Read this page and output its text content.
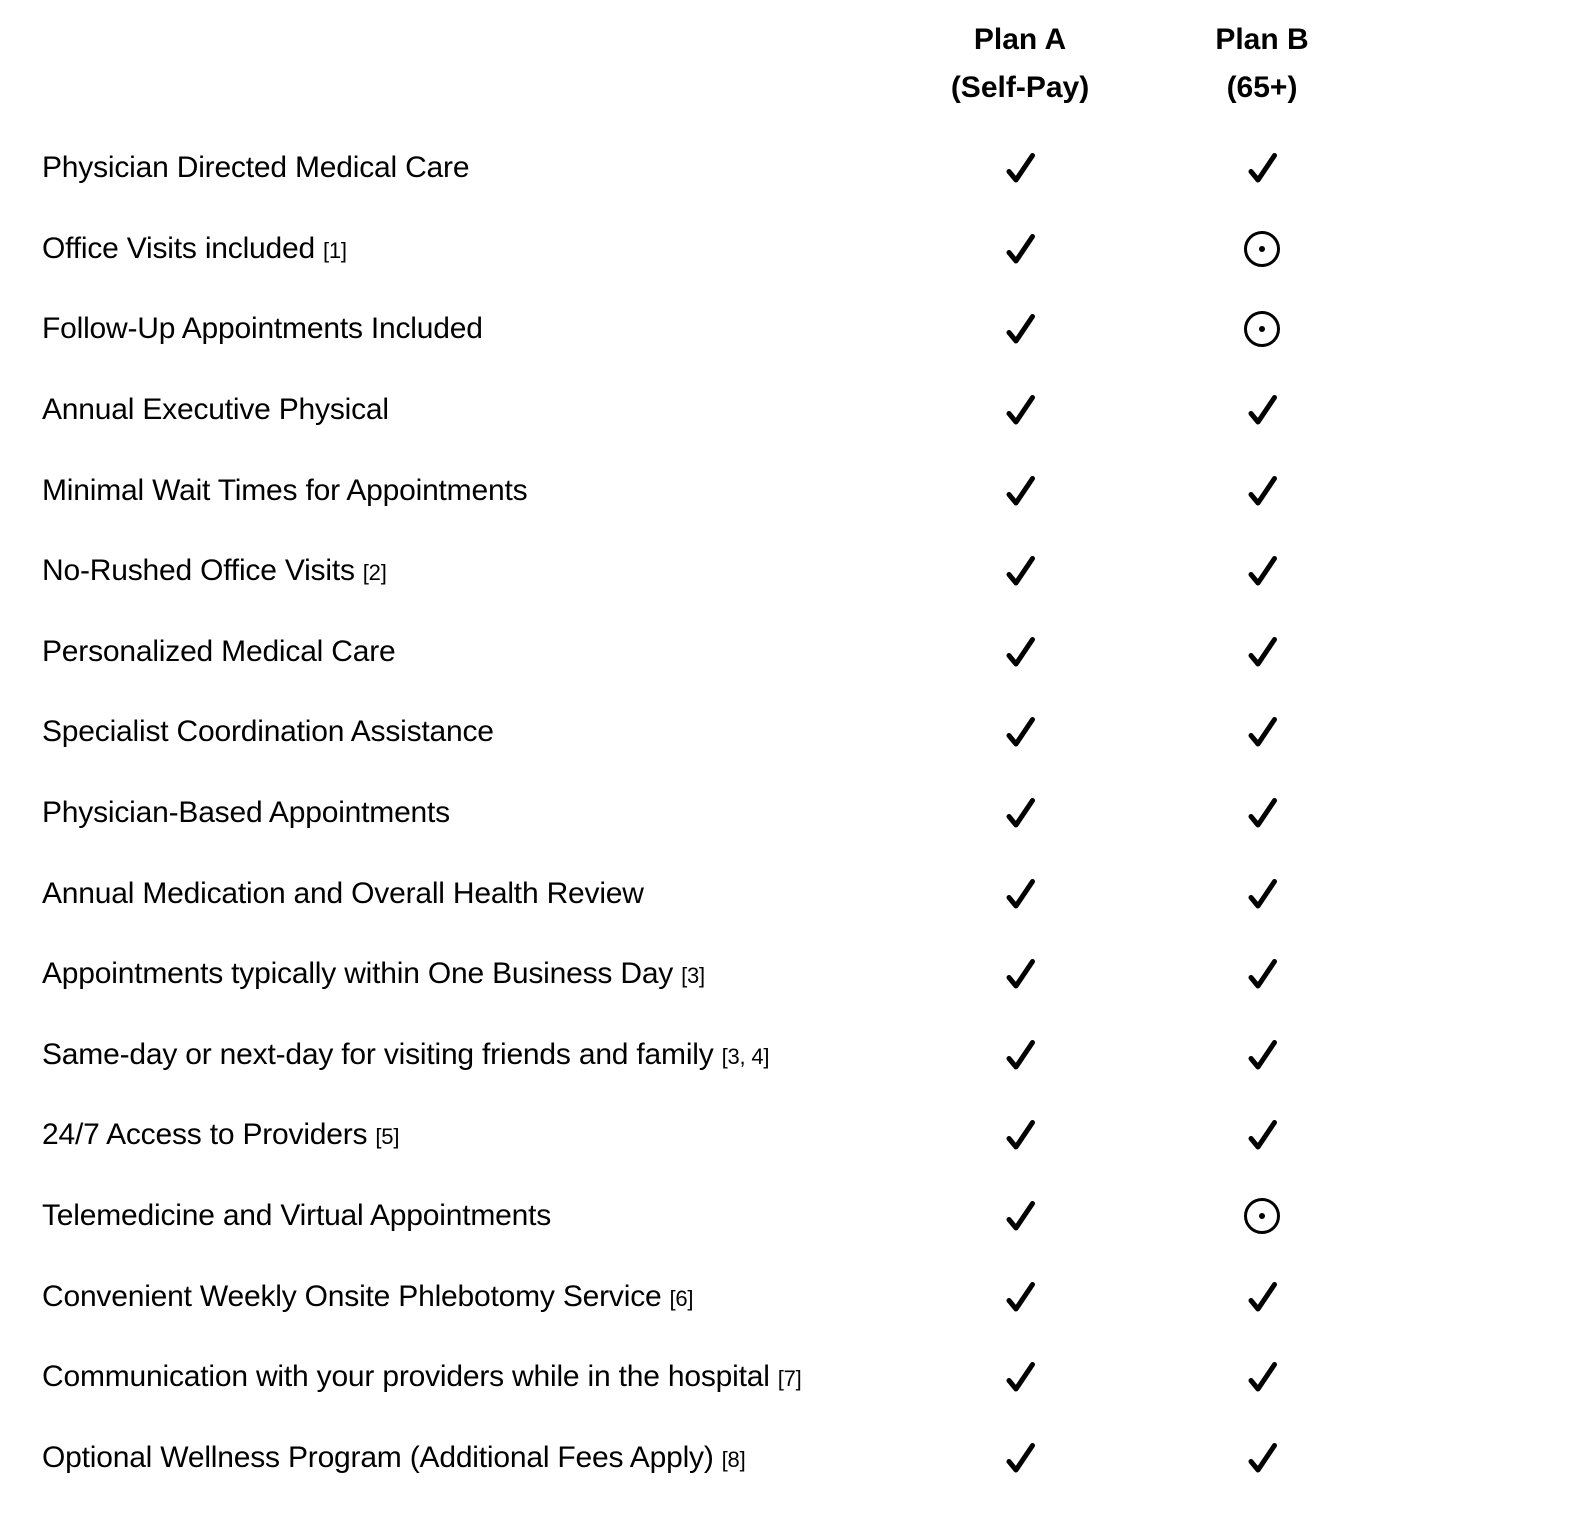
Plan A
(Self-Pay)
Plan B
(65+)
Physician Directed Medical Care
Office Visits included [1]
Follow-Up Appointments Included
Annual Executive Physical
Minimal Wait Times for Appointments
No-Rushed Office Visits [2]
Personalized Medical Care
Specialist Coordination Assistance
Physician-Based Appointments
Annual Medication and Overall Health Review
Appointments typically within One Business Day [3]
Same-day or next-day for visiting friends and family [3, 4]
24/7 Access to Providers [5]
Telemedicine and Virtual Appointments
Convenient Weekly Onsite Phlebotomy Service [6]
Communication with your providers while in the hospital [7]
Optional Wellness Program (Additional Fees Apply) [8]
